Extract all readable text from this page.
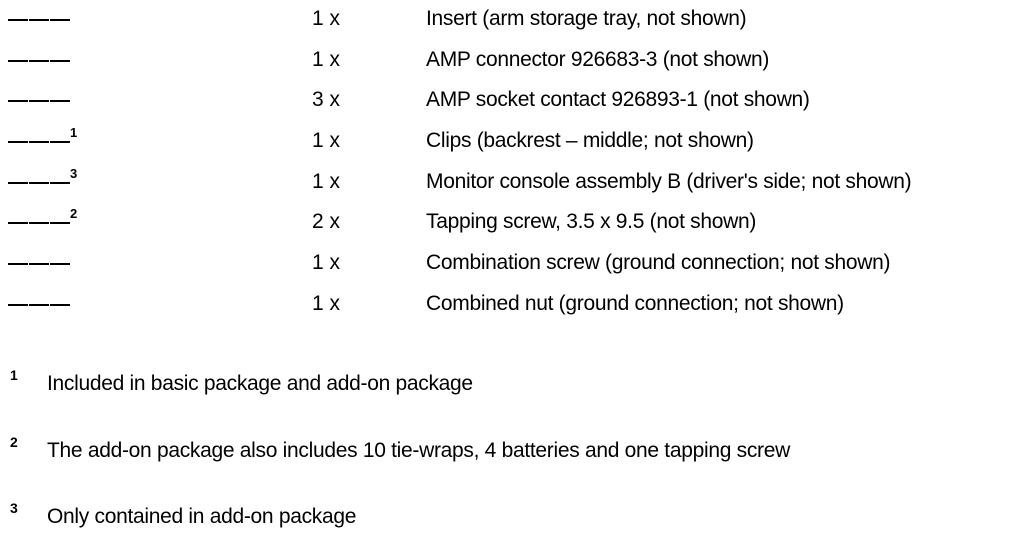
———	1 x	Insert (arm storage tray, not shown)
———	1 x	AMP connector 926683-3 (not shown)
———	3 x	AMP socket contact 926893-1 (not shown)
———$^1$	1 x	Clips (backrest – middle; not shown)
———$^3$	1 x	Monitor console assembly B (driver's side; not shown)
———$^2$	2 x	Tapping screw, 3.5 x 9.5 (not shown)
———	1 x	Combination screw (ground connection; not shown)
———	1 x	Combined nut (ground connection; not shown)
1 Included in basic package and add-on package
2 The add-on package also includes 10 tie-wraps, 4 batteries and one tapping screw
3 Only contained in add-on package
